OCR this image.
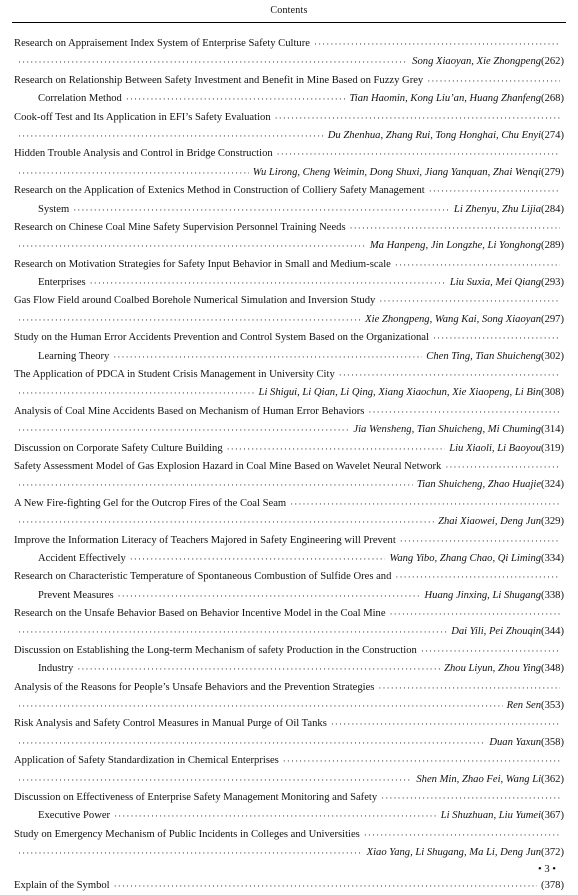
Contents
Research on Appraisement Index System of Enterprise Safety Culture
·····
·····
Song Xiaoyan, Xie Zhongpeng (262)
Research on Relationship Between Safety Investment and Benefit in Mine Based on Fuzzy Grey
·····
Correlation Method ·····	Tian Haomin, Kong Liu’an, Huang Zhanfeng (268)
Cook-off Test and Its Application in EFI’s Safety Evaluation
·····
·····
Du Zhenhua, Zhang Rui, Tong Honghai, Chu Enyi (274)
Hidden Trouble Analysis and Control in Bridge Construction
·····
·····
Wu Lirong, Cheng Weimin, Dong Shuxi, Jiang Yanquan, Zhai Wenqi (279)
Research on the Application of Extenics Method in Construction of Colliery Safety Management
·····
System ·····	Li Zhenyu, Zhu Lijia (284)
Research on Chinese Coal Mine Safety Supervision Personnel Training Needs
·····
·····
Ma Hanpeng, Jin Longzhe, Li Yonghong (289)
Research on Motivation Strategies for Safety Input Behavior in Small and Medium-scale
·····
Enterprises ·····	Liu Suxia, Mei Qiang (293)
Gas Flow Field around Coalbed Borehole Numerical Simulation and Inversion Study
·····
·····
Xie Zhongpeng, Wang Kai, Song Xiaoyan (297)
Study on the Human Error Accidents Prevention and Control System Based on the Organizational
·····
Learning Theory ·····	Chen Ting, Tian Shuicheng (302)
The Application of PDCA in Student Crisis Management in University City
·····
·····
Li Shigui, Li Qian, Li Qing, Xiang Xiaochun, Xie Xiaopeng, Li Bin (308)
Analysis of Coal Mine Accidents Based on Mechanism of Human Error Behaviors
·····
·····
Jia Wensheng, Tian Shuicheng, Mi Chuming (314)
Discussion on Corporate Safety Culture Building ·····	Liu Xiaoli, Li Baoyou (319)
Safety Assessment Model of Gas Explosion Hazard in Coal Mine Based on Wavelet Neural Network
·····
·····
Tian Shuicheng, Zhao Huajie (324)
A New Fire-fighting Gel for the Outcrop Fires of the Coal Seam
·····
·····
Zhai Xiaowei, Deng Jun (329)
Improve the Information Literacy of Teachers Majored in Safety Engineering will Prevent
·····
Accident Effectively ·····	Wang Yibo, Zhang Chao, Qi Liming (334)
Research on Characteristic Temperature of Spontaneous Combustion of Sulfide Ores and
·····
Prevent Measures ·····	Huang Jinxing, Li Shugang (338)
Research on the Unsafe Behavior Based on Behavior Incentive Model in the Coal Mine
·····
·····
Dai Yili, Pei Zhouqin (344)
Discussion on Establishing the Long-term Mechanism of safety Production in the Construction
·····
Industry ·····	Zhou Liyun, Zhou Ying (348)
Analysis of the Reasons for People’s Unsafe Behaviors and the Prevention Strategies
·····
·····
Ren Sen (353)
Risk Analysis and Safety Control Measures in Manual Purge of Oil Tanks
·····
·····
Duan Yaxun (358)
Application of Safety Standardization in Chemical Enterprises
·····
·····
Shen Min, Zhao Fei, Wang Li (362)
Discussion on Effectiveness of Enterprise Safety Management Monitoring and Safety
·····
Executive Power ·····	Li Shuzhuan, Liu Yumei (367)
Study on Emergency Mechanism of Public Incidents in Colleges and Universities
·····
·····
Xiao Yang, Li Shugang, Ma Li, Deng Jun (372)
Explain of the Symbol ·····	(378)
• 3 •
